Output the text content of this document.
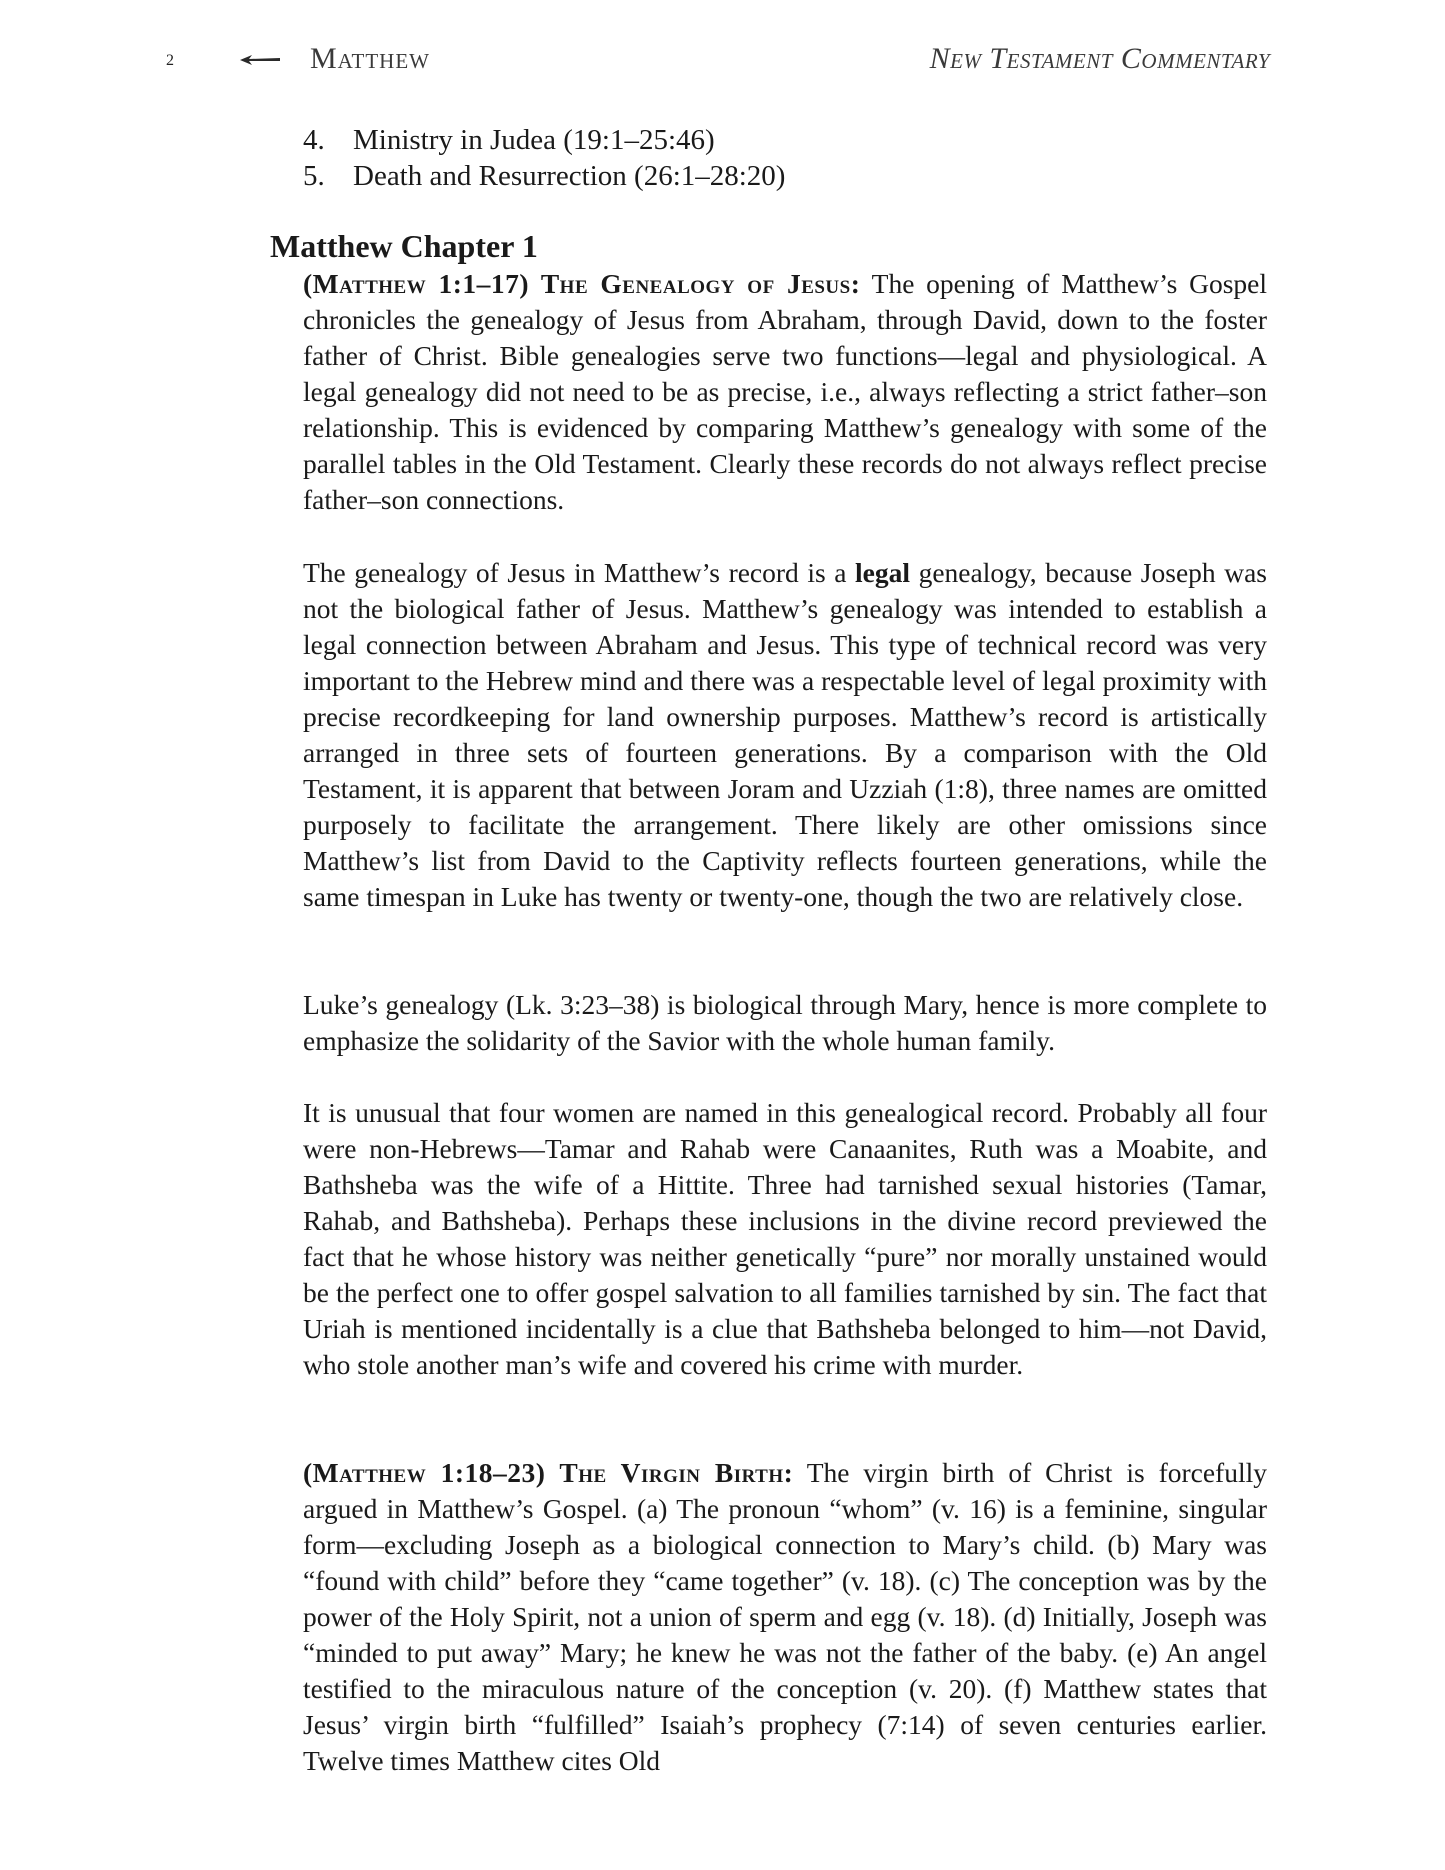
2	Matthew	New Testament Commentary
4. Ministry in Judea (19:1–25:46)
5. Death and Resurrection (26:1–28:20)
Matthew Chapter 1

(Matthew 1:1–17) The Genealogy of Jesus: The opening of Matthew’s Gospel chronicles the genealogy of Jesus from Abraham, through David, down to the foster father of Christ. Bible genealogies serve two functions—legal and physiological. A legal genealogy did not need to be as precise, i.e., always reflecting a strict father–son relationship. This is evidenced by comparing Matthew’s genealogy with some of the parallel tables in the Old Testament. Clearly these records do not always reflect precise father–son connections.

The genealogy of Jesus in Matthew’s record is a legal genealogy, because Joseph was not the biological father of Jesus. Matthew’s genealogy was intended to establish a legal connection between Abraham and Jesus. This type of technical record was very important to the Hebrew mind and there was a respectable level of legal proximity with precise recordkeeping for land ownership purposes. Matthew’s record is artistically arranged in three sets of fourteen generations. By a comparison with the Old Testament, it is apparent that between Joram and Uzziah (1:8), three names are omitted purposely to facilitate the arrangement. There likely are other omissions since Matthew’s list from David to the Captivity reflects fourteen generations, while the same timespan in Luke has twenty or twenty-one, though the two are relatively close.

Luke’s genealogy (Lk. 3:23–38) is biological through Mary, hence is more complete to emphasize the solidarity of the Savior with the whole human family.

It is unusual that four women are named in this genealogical record. Probably all four were non-Hebrews—Tamar and Rahab were Canaanites, Ruth was a Moabite, and Bathsheba was the wife of a Hittite. Three had tarnished sexual histories (Tamar, Rahab, and Bathsheba). Perhaps these inclusions in the divine record previewed the fact that he whose history was neither genetically “pure” nor morally unstained would be the perfect one to offer gospel salvation to all families tarnished by sin. The fact that Uriah is mentioned incidentally is a clue that Bathsheba belonged to him—not David, who stole another man’s wife and covered his crime with murder.

(Matthew 1:18–23) The Virgin Birth: The virgin birth of Christ is forcefully argued in Matthew’s Gospel. (a) The pronoun “whom” (v. 16) is a feminine, singular form—excluding Joseph as a biological connection to Mary’s child. (b) Mary was “found with child” before they “came together” (v. 18). (c) The conception was by the power of the Holy Spirit, not a union of sperm and egg (v. 18). (d) Initially, Joseph was “minded to put away” Mary; he knew he was not the father of the baby. (e) An angel testified to the miraculous nature of the conception (v. 20). (f) Matthew states that Jesus’ virgin birth “fulfilled” Isaiah’s prophecy (7:14) of seven centuries earlier. Twelve times Matthew cites Old
